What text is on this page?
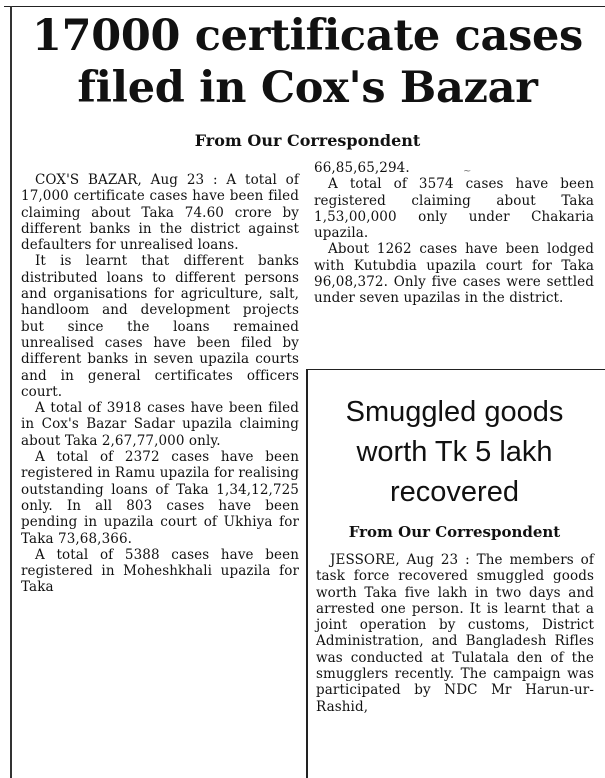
17000 certificate cases filed in Cox's Bazar
From Our Correspondent

COX'S BAZAR, Aug 23 : A total of 17,000 certificate cases have been filed claiming about Taka 74.60 crore by different banks in the district against defaulters for unrealised loans.

It is learnt that different banks distributed loans to different persons and organisations for agriculture, salt, handloom and development projects but since the loans remained unrealised cases have been filed by different banks in seven upazila courts and in general certificates officers court.

A total of 3918 cases have been filed in Cox's Bazar Sadar upazila claiming about Taka 2,67,77,000 only.

A total of 2372 cases have been registered in Ramu upazila for realising outstanding loans of Taka 1,34,12,725 only. In all 803 cases have been pending in upazila court of Ukhiya for Taka 73,68,366.

A total of 5388 cases have been registered in Moheshkhali upazila for Taka

~

66,85,65,294.

A total of 3574 cases have been registered claiming about Taka 1,53,00,000 only under Chakaria upazila.

About 1262 cases have been lodged with Kutubdia upazila court for Taka 96,08,372. Only five cases were settled under seven upazilas in the district.

Smuggled goods worth Tk 5 lakh recovered
From Our Correspondent

JESSORE, Aug 23 : The members of task force recovered smuggled goods worth Taka five lakh in two days and arrested one person. It is learnt that a joint operation by customs, District Administration, and Bangladesh Rifles was conducted at Tulatala den of the smugglers recently. The campaign was participated by NDC Mr Harun-ur-Rashid,
